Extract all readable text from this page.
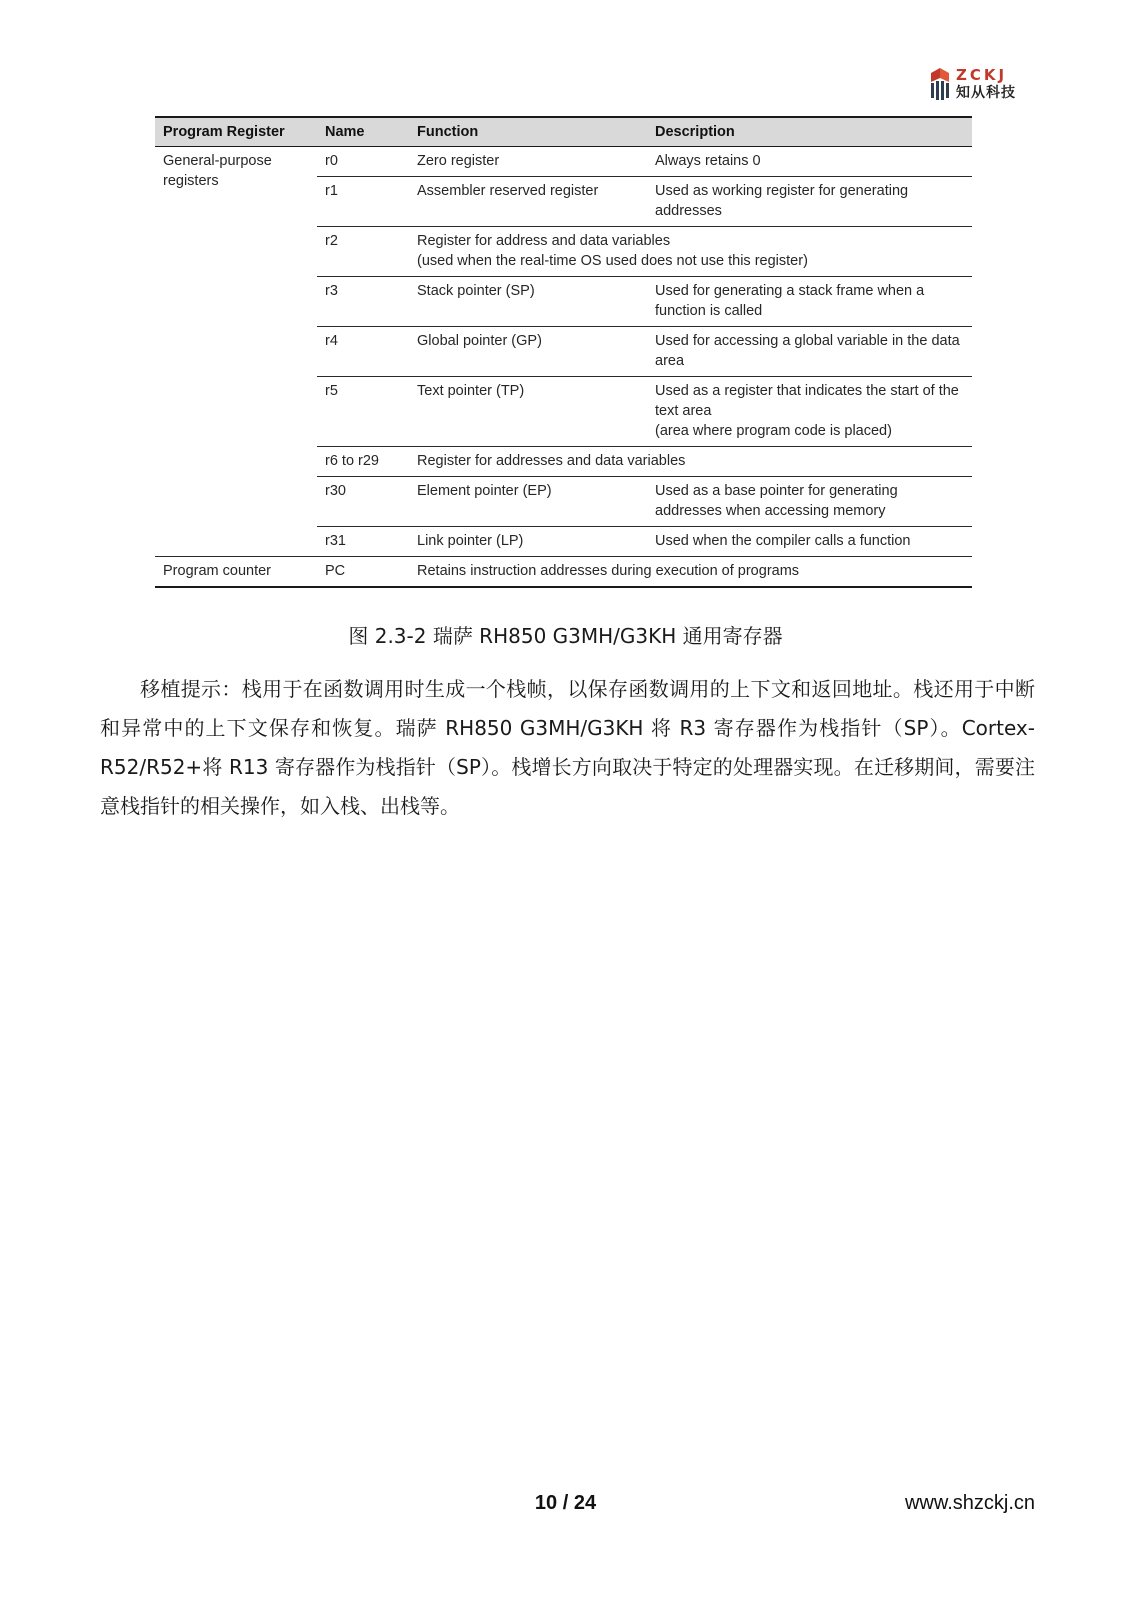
ZCKJ
知从科技
Program Register	Name	Function	Description
General-purpose registers	r0	Zero register	Always retains 0
	r1	Assembler reserved register	Used as working register for generating addresses
	r2	Register for address and data variables
(used when the real-time OS used does not use this register)	

	r3	Stack pointer (SP)	Used for generating a stack frame when a function is called
	r4	Global pointer (GP)	Used for accessing a global variable in the data area
	r5	Text pointer (TP)	Used as a register that indicates the start of the text area
(area where program code is placed)

	r6 to r29	Register for addresses and data variables	
	r30	Element pointer (EP)	Used as a base pointer for generating addresses when accessing memory
	r31	Link pointer (LP)	Used when the compiler calls a function
Program counter	PC	Retains instruction addresses during execution of programs	
图 2.3-2 瑞萨 RH850 G3MH/G3KH 通用寄存器
移植提示：栈用于在函数调用时生成一个栈帧，以保存函数调用的上下文和返回地址。栈还用于中断和异常中的上下文保存和恢复。瑞萨 RH850 G3MH/G3KH 将 R3 寄存器作为栈指针（SP）。Cortex-R52/R52+将 R13 寄存器作为栈指针（SP）。栈增长方向取决于特定的处理器实现。在迁移期间，需要注意栈指针的相关操作，如入栈、出栈等。
10 / 24	www.shzckj.cn
